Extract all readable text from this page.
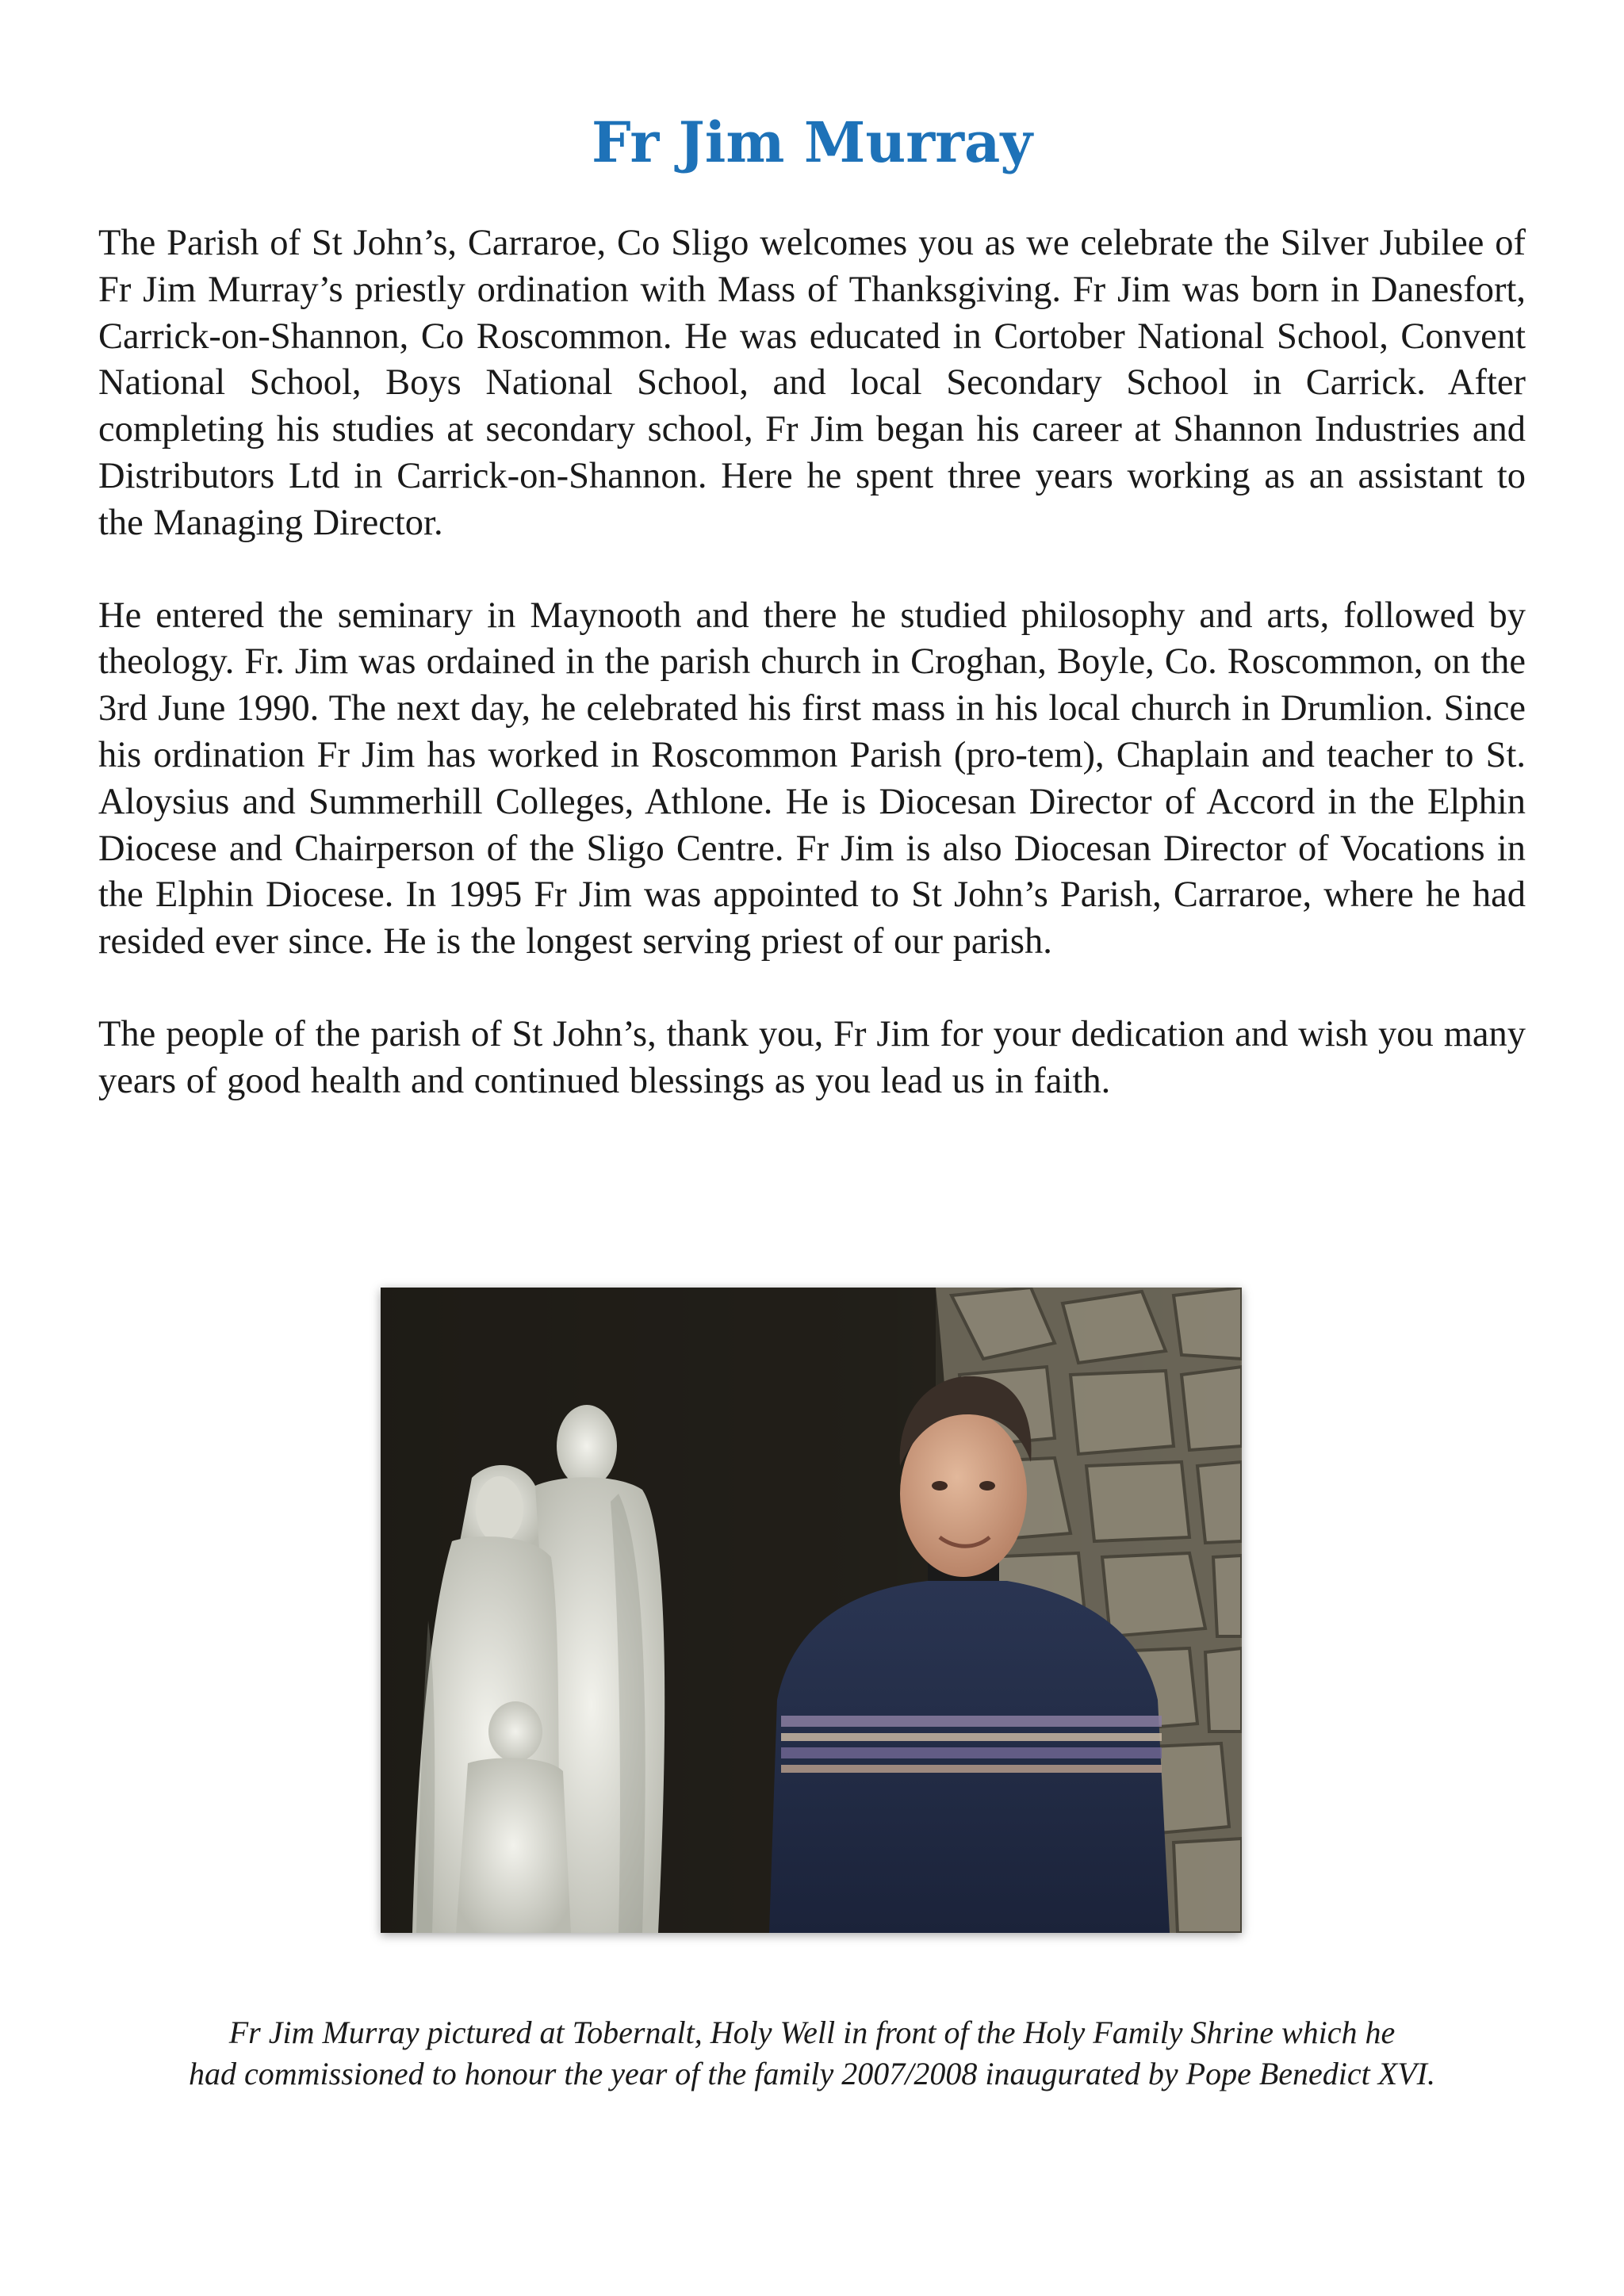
Fr Jim Murray

The Parish of St John’s, Carraroe, Co Sligo welcomes you as we celebrate the Silver Jubilee of Fr Jim Murray’s priestly ordination with Mass of Thanksgiving. Fr Jim was born in Danesfort, Carrick-on-Shannon, Co Roscommon. He was educated in Cortober National School, Convent National School, Boys National School, and local Secondary School in Carrick. After completing his studies at secondary school, Fr Jim began his career at Shannon Industries and Distributors Ltd in Carrick-on-Shannon. Here he spent three years working as an assistant to the Managing Director.

He entered the seminary in Maynooth and there he studied philosophy and arts, followed by theology. Fr. Jim was ordained in the parish church in Croghan, Boyle, Co. Roscommon, on the 3rd June 1990. The next day, he celebrated his first mass in his local church in Drumlion. Since his ordination Fr Jim has worked in Roscommon Parish (pro-tem), Chaplain and teacher to St. Aloysius and Summerhill Colleges, Athlone. He is Diocesan Director of Accord in the Elphin Diocese and Chairperson of the Sligo Centre. Fr Jim is also Diocesan Director of Vocations in the Elphin Diocese. In 1995 Fr Jim was appointed to St John’s Parish, Carraroe, where he had resided ever since. He is the longest serving priest of our parish.

The people of the parish of St John’s, thank you, Fr Jim for your dedication and wish you many years of good health and continued blessings as you lead us in faith.

Fr Jim Murray pictured at Tobernalt, Holy Well in front of the Holy Family Shrine which he
had commissioned to honour the year of the family 2007/2008 inaugurated by Pope Benedict XVI.
